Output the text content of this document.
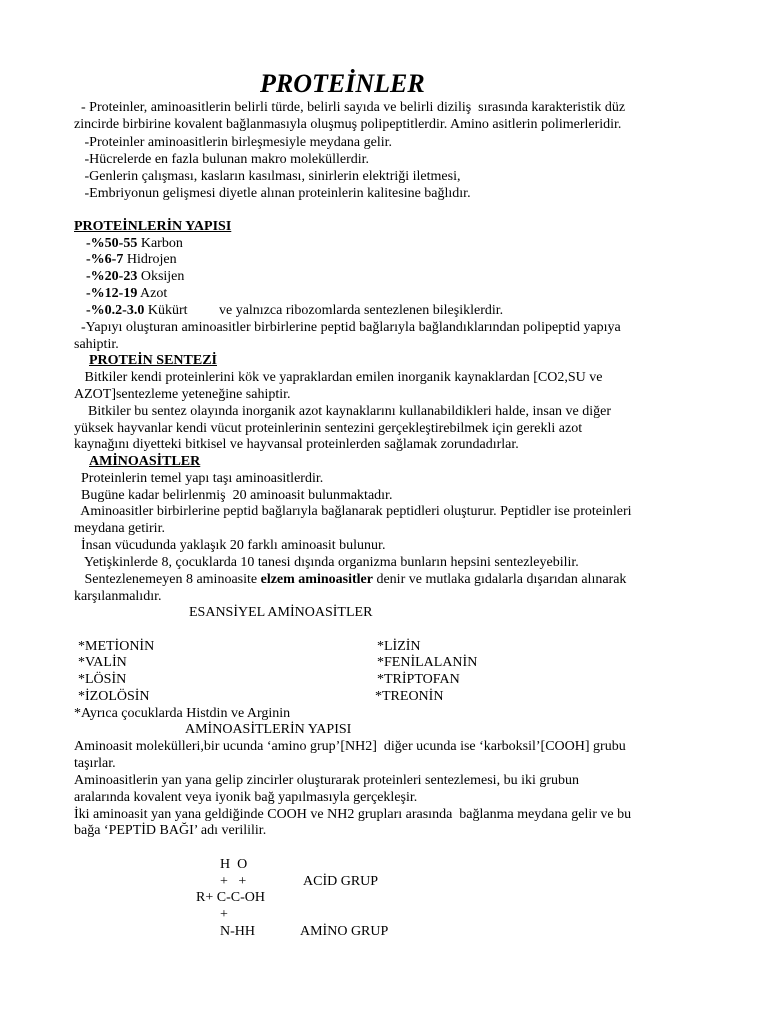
PROTEİNLER
- Proteinler, aminoasitlerin belirli türde, belirli sayıda ve belirli diziliş  sırasında karakteristik düz
zincirde birbirine kovalent bağlanmasıyla oluşmuş polipeptitlerdir. Amino asitlerin polimerleridir.
-Proteinler aminoasitlerin birleşmesiyle meydana gelir.
-Hücrelerde en fazla bulunan makro moleküllerdir.
-Genlerin çalışması, kasların kasılması, sinirlerin elektriği iletmesi,
-Embriyonun gelişmesi diyetle alınan proteinlerin kalitesine bağlıdır.
PROTEİNLERİN YAPISI
-%50-55 Karbon
-%6-7 Hidrojen
-%20-23 Oksijen
-%12-19 Azot
-%0.2-3.0 Kükürt         ve yalnızca ribozomlarda sentezlenen bileşiklerdir.
-Yapıyı oluşturan aminoasitler birbirlerine peptid bağlarıyla bağlandıklarından polipeptid yapıya
sahiptir.
PROTEİN SENTEZİ
Bitkiler kendi proteinlerini kök ve yapraklardan emilen inorganik kaynaklardan [CO2,SU ve
AZOT]sentezleme yeteneğine sahiptir.
Bitkiler bu sentez olayında inorganik azot kaynaklarını kullanabildikleri halde, insan ve diğer
yüksek hayvanlar kendi vücut proteinlerinin sentezini gerçekleştirebilmek için gerekli azot
kaynağını diyetteki bitkisel ve hayvansal proteinlerden sağlamak zorundadırlar.
AMİNOASİTLER
Proteinlerin temel yapı taşı aminoasitlerdir.
Bugüne kadar belirlenmiş  20 aminoasit bulunmaktadır.
Aminoasitler birbirlerine peptid bağlarıyla bağlanarak peptidleri oluşturur. Peptidler ise proteinleri
meydana getirir.
İnsan vücudunda yaklaşık 20 farklı aminoasit bulunur.
Yetişkinlerde 8, çocuklarda 10 tanesi dışında organizma bunların hepsini sentezleyebilir.
Sentezlenemeyen 8 aminoasite elzem aminoasitler denir ve mutlaka gıdalarla dışarıdan alınarak
karşılanmalıdır.
ESANSİYEL AMİNOASİTLER
*METİONİN
*VALİN
*LÖSİN
*İZOLÖSİN
*LİZİN
*FENİLALANİN
*TRİPTOFAN
*TREONİN
*Ayrıca çocuklarda Histdin ve Arginin
AMİNOASİTLERİN YAPISI
Aminoasit molekülleri,bir ucunda ‘amino grup’[NH2]  diğer ucunda ise ‘karboksil’[COOH] grubu
taşırlar.
Aminoasitlerin yan yana gelip zincirler oluşturarak proteinleri sentezlemesi, bu iki grubun
aralarında kovalent veya iyonik bağ yapılmasıyla gerçekleşir.
İki aminoasit yan yana geldiğinde COOH ve NH2 grupları arasında  bağlanma meydana gelir ve bu
bağa ‘PEPTİD BAĞI’ adı verililir.
H  O
+   +	ACİD GRUP
R+ C-C-OH
+
N-HH	AMİNO GRUP
